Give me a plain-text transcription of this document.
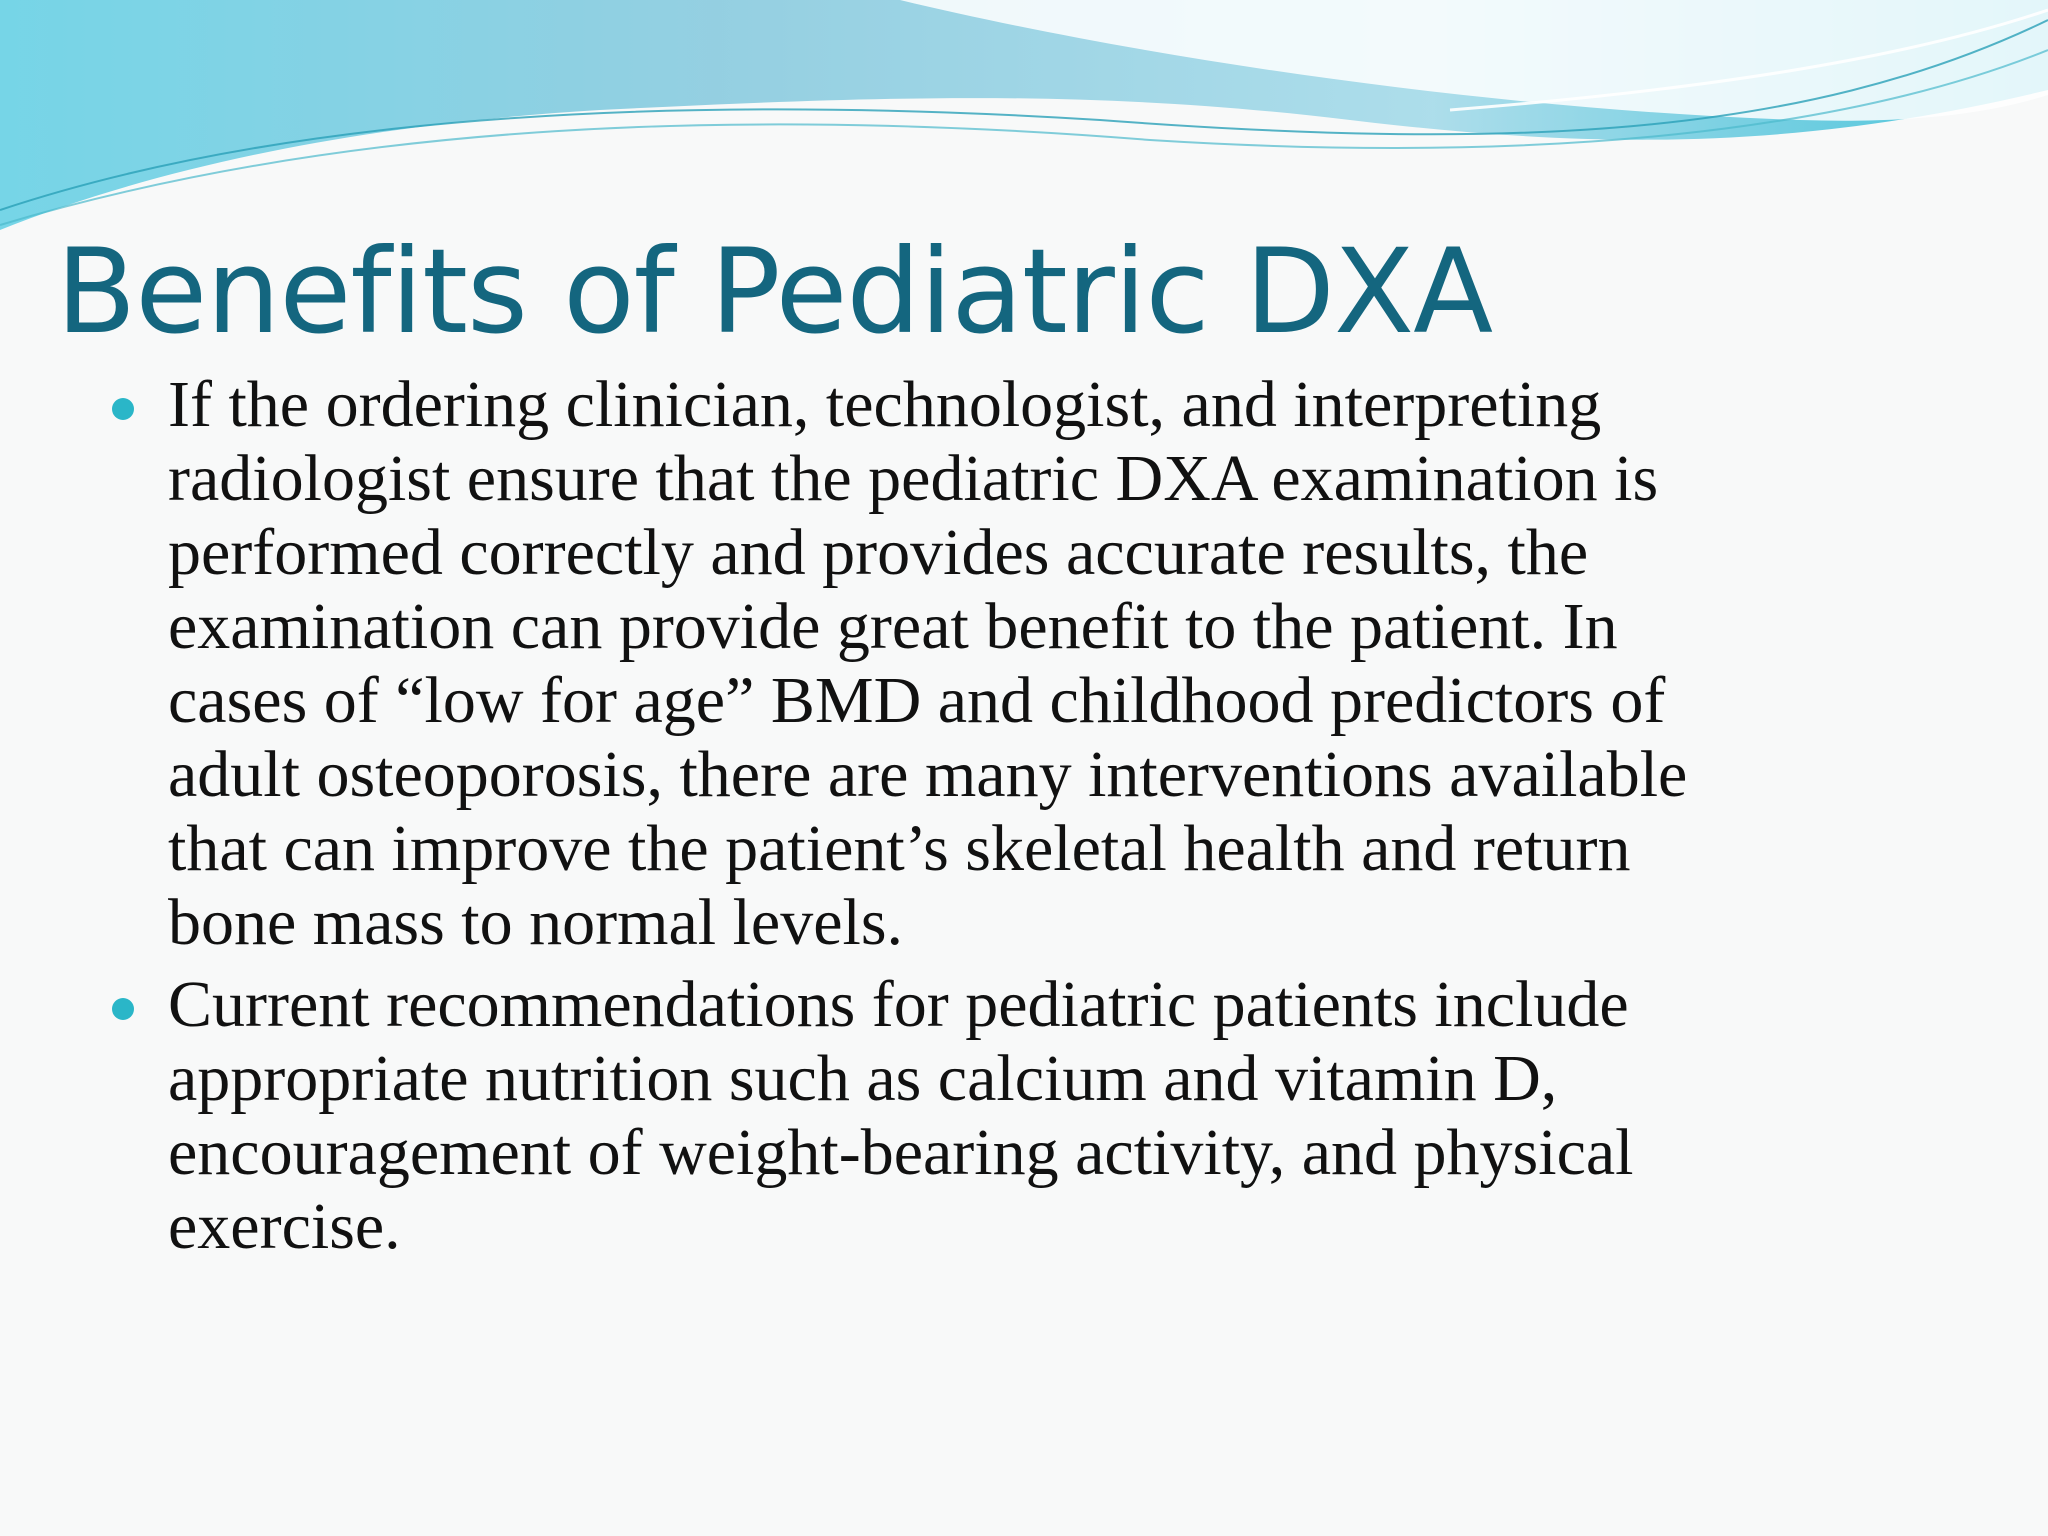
Benefits of Pediatric DXA
If the ordering clinician, technologist, and interpreting
radiologist ensure that the pediatric DXA examination is
performed correctly and provides accurate results, the
examination can provide great benefit to the patient. In
cases of “low for age” BMD and childhood predictors of
adult osteoporosis, there are many interventions available
that can improve the patient’s skeletal health and return
bone mass to normal levels.
Current recommendations for pediatric patients include
appropriate nutrition such as calcium and vitamin D,
encouragement of weight-bearing activity, and physical
exercise.
